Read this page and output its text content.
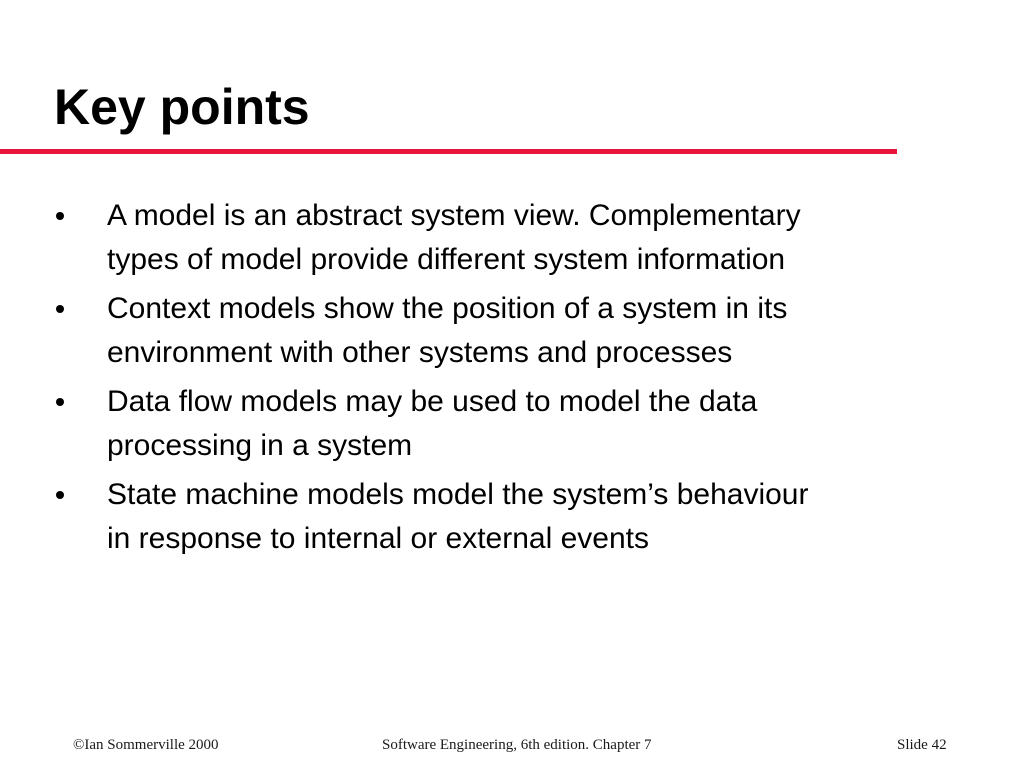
Key points
A model is an abstract system view. Complementary
types of model provide different system information
Context models show the position of a system in its
environment with other systems and processes
Data flow models may be used to model the data
processing in a system
State machine models model the system’s behaviour
in response to internal or external events
©Ian Sommerville 2000	Software Engineering, 6th edition. Chapter 7	Slide 42
